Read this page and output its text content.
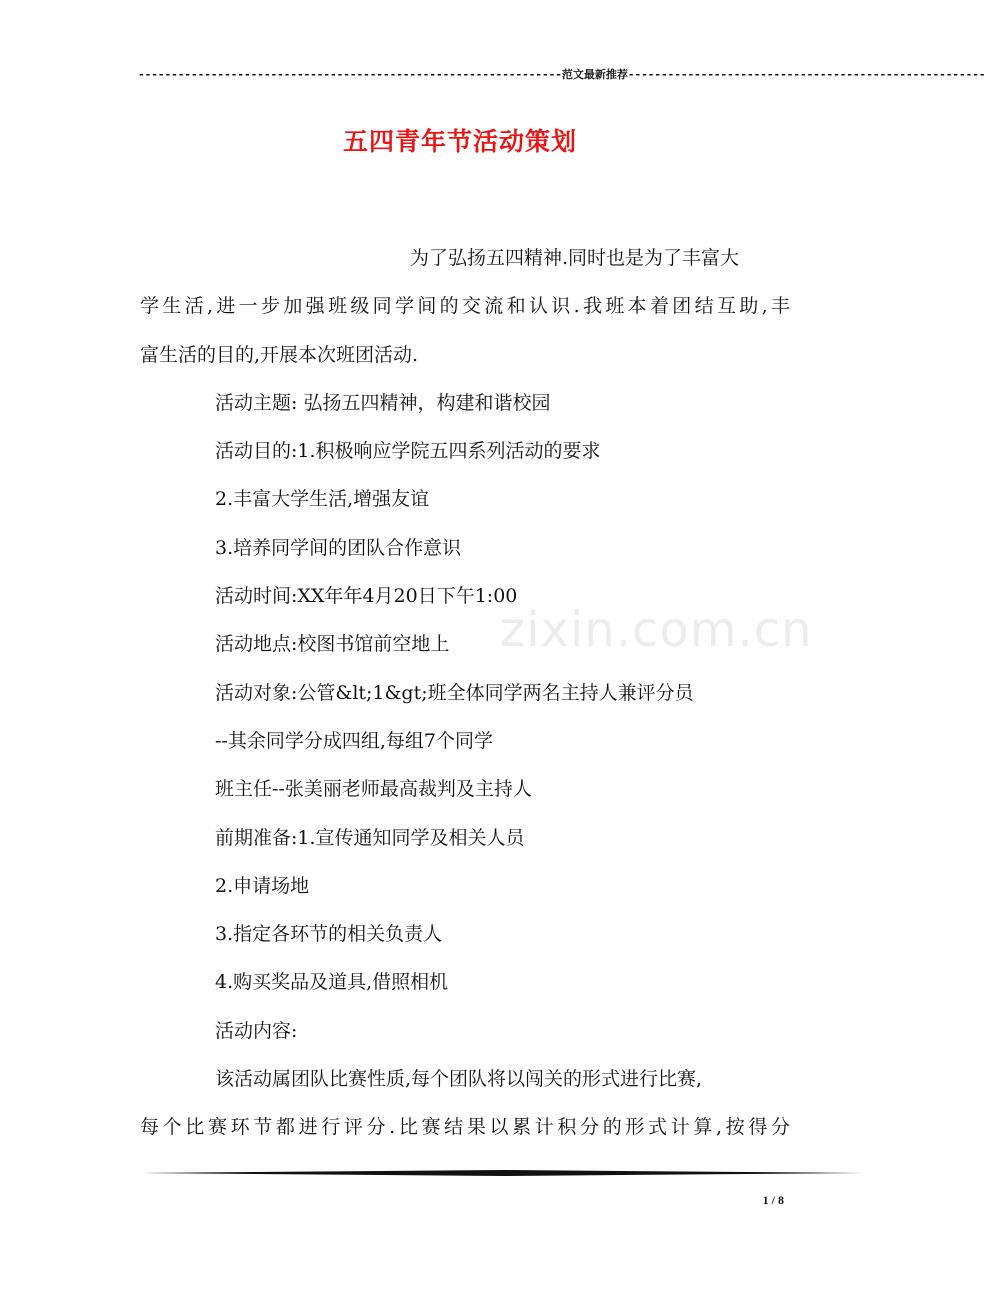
----------------------------------------------------------------范文最新推荐------------------------------------------------------
五四青年节活动策划
为了弘扬五四精神.同时也是为了丰富大
学生活,进一步加强班级同学间的交流和认识.我班本着团结互助,丰
富生活的目的,开展本次班团活动.
活动主题: 弘扬五四精神，构建和谐校园
活动目的:1.积极响应学院五四系列活动的要求
2.丰富大学生活,增强友谊
3.培养同学间的团队合作意识
活动时间:XX年年4月20日下午1:00
活动地点:校图书馆前空地上
活动对象:公管&lt;1&gt;班全体同学两名主持人兼评分员
--其余同学分成四组,每组7个同学
班主任--张美丽老师最高裁判及主持人
前期准备:1.宣传通知同学及相关人员
2.申请场地
3.指定各环节的相关负责人
4.购买奖品及道具,借照相机
活动内容:
该活动属团队比赛性质,每个团队将以闯关的形式进行比赛,
每个比赛环节都进行评分.比赛结果以累计积分的形式计算,按得分
zixin.com.cn
1 / 8
